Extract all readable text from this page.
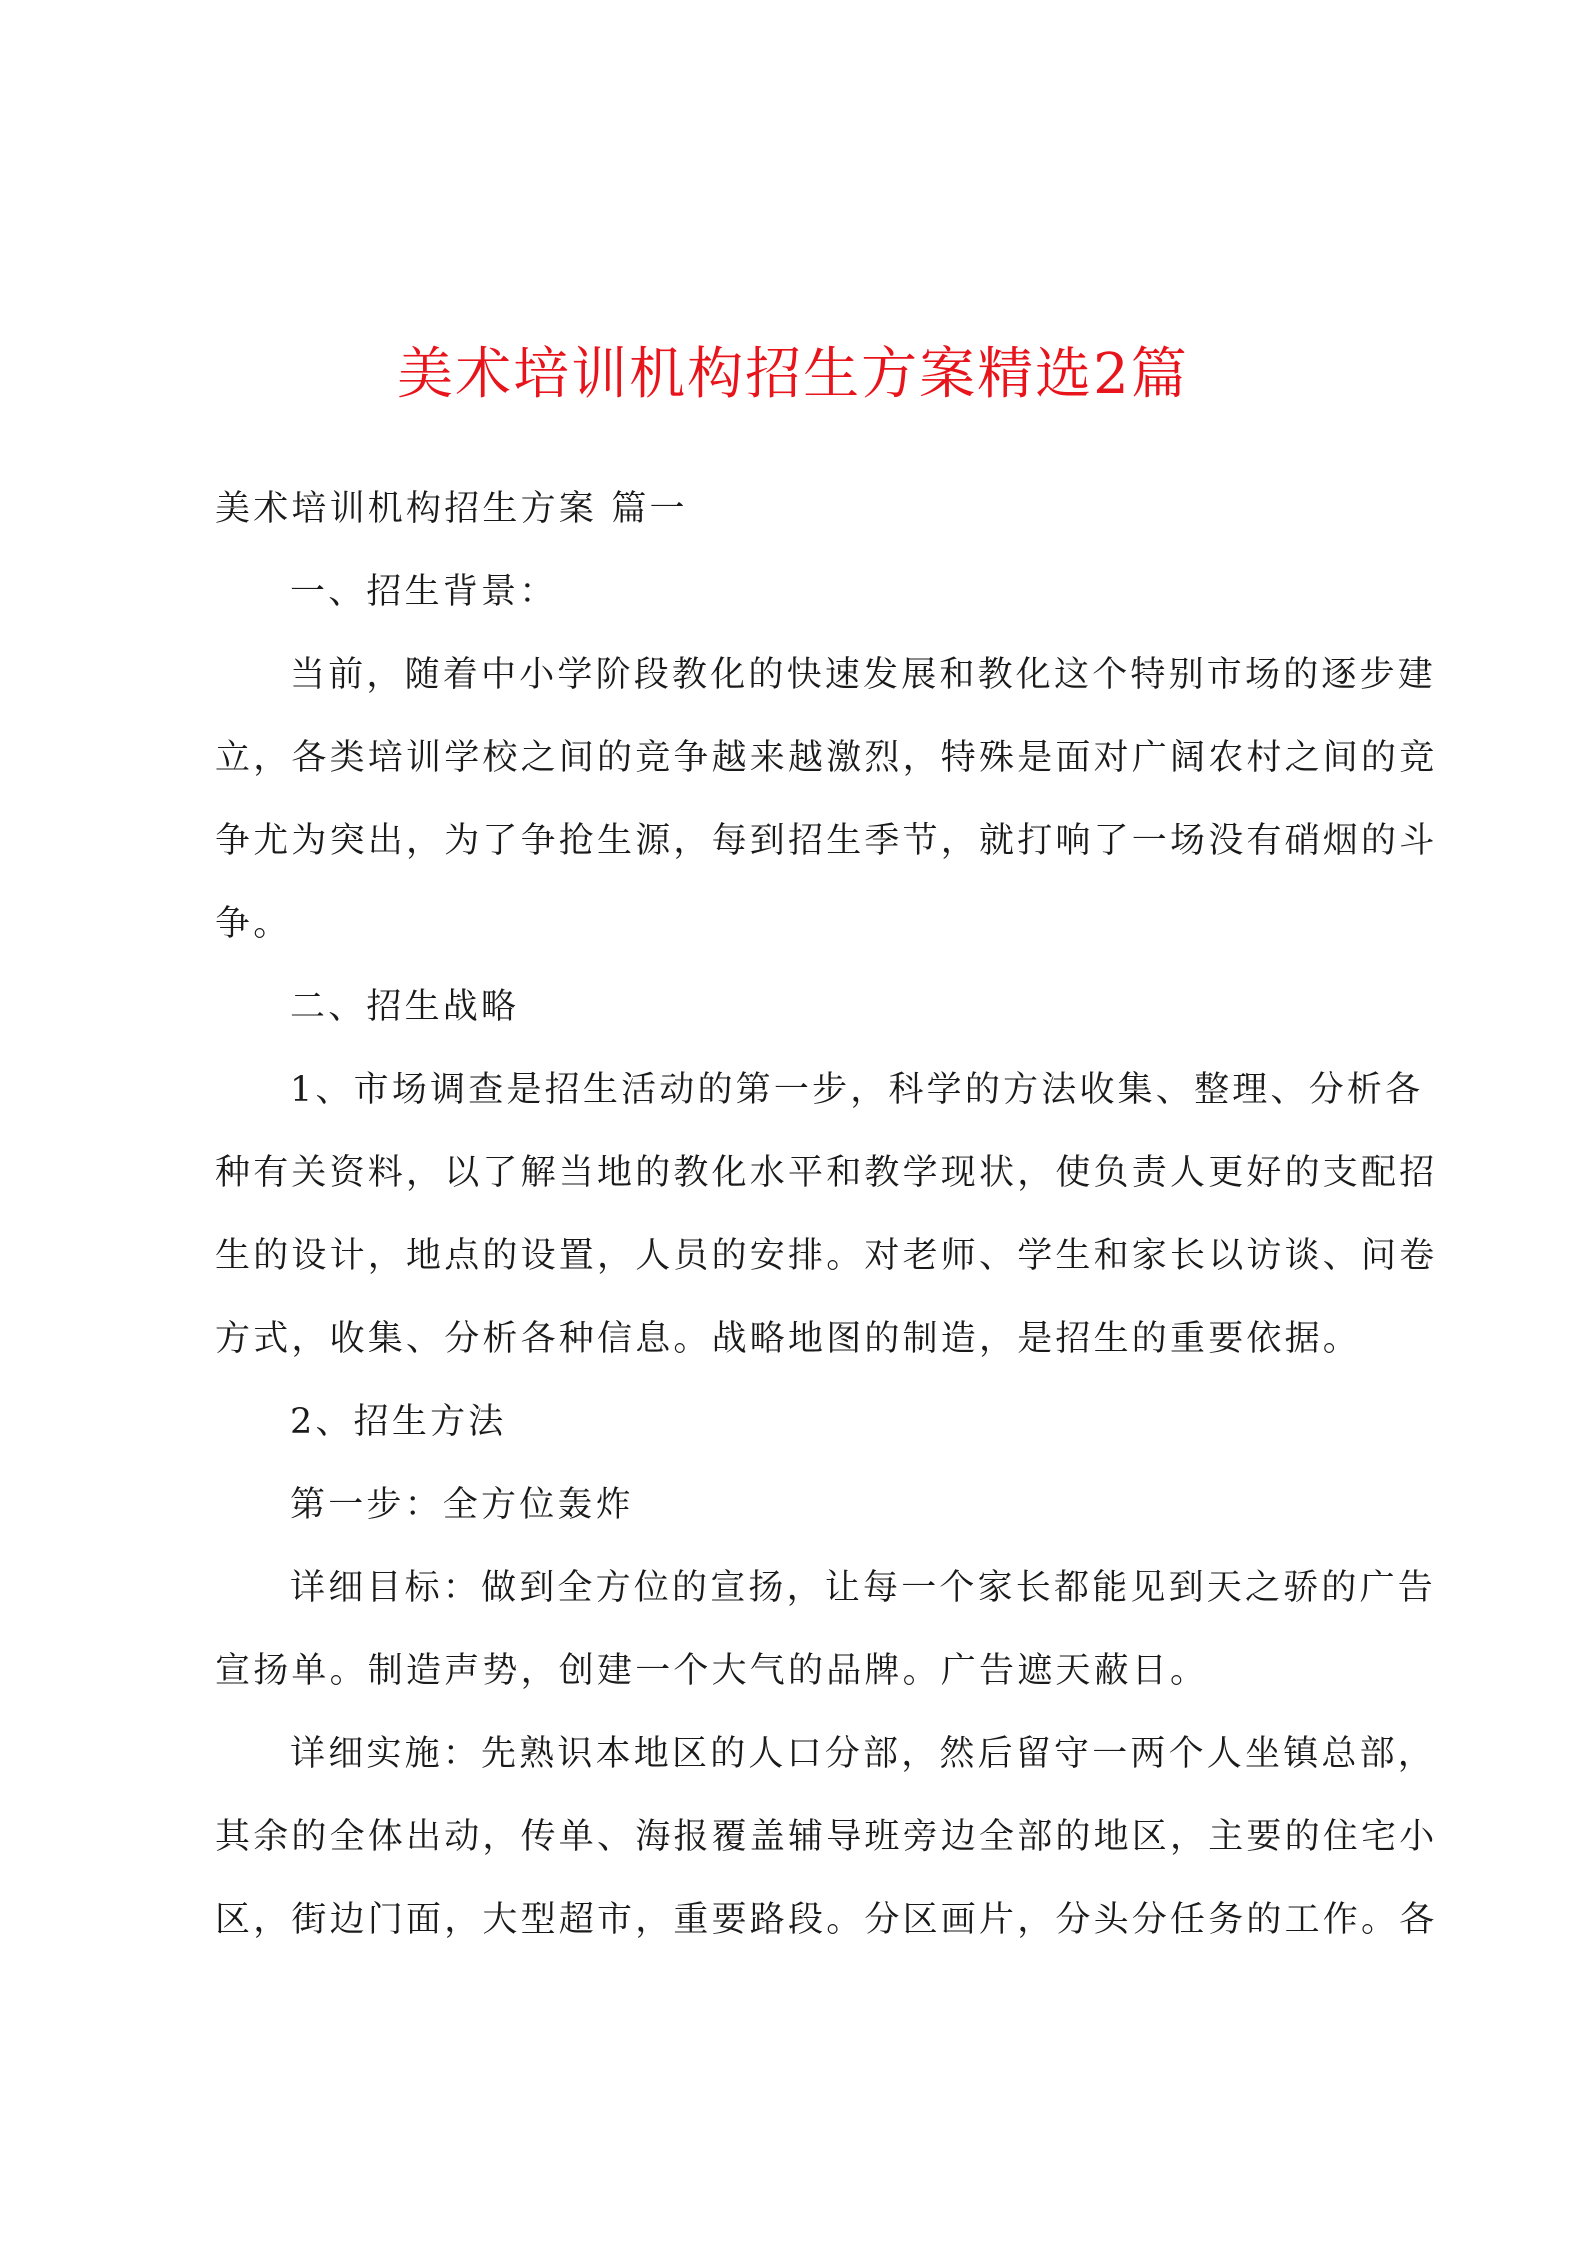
美术培训机构招生方案精选2篇

美术培训机构招生方案 篇一

一、招生背景：

当前，随着中小学阶段教化的快速发展和教化这个特别市场的逐步建

立，各类培训学校之间的竞争越来越激烈，特殊是面对广阔农村之间的竞

争尤为突出，为了争抢生源，每到招生季节，就打响了一场没有硝烟的斗

争。

二、招生战略

1、市场调查是招生活动的第一步，科学的方法收集、整理、分析各

种有关资料，以了解当地的教化水平和教学现状，使负责人更好的支配招

生的设计，地点的设置，人员的安排。对老师、学生和家长以访谈、问卷

方式，收集、分析各种信息。战略地图的制造，是招生的重要依据。

2、招生方法

第一步：全方位轰炸

详细目标：做到全方位的宣扬，让每一个家长都能见到天之骄的广告

宣扬单。制造声势，创建一个大气的品牌。广告遮天蔽日。

详细实施：先熟识本地区的人口分部，然后留守一两个人坐镇总部，

其余的全体出动，传单、海报覆盖辅导班旁边全部的地区，主要的住宅小

区，街边门面，大型超市，重要路段。分区画片，分头分任务的工作。各
